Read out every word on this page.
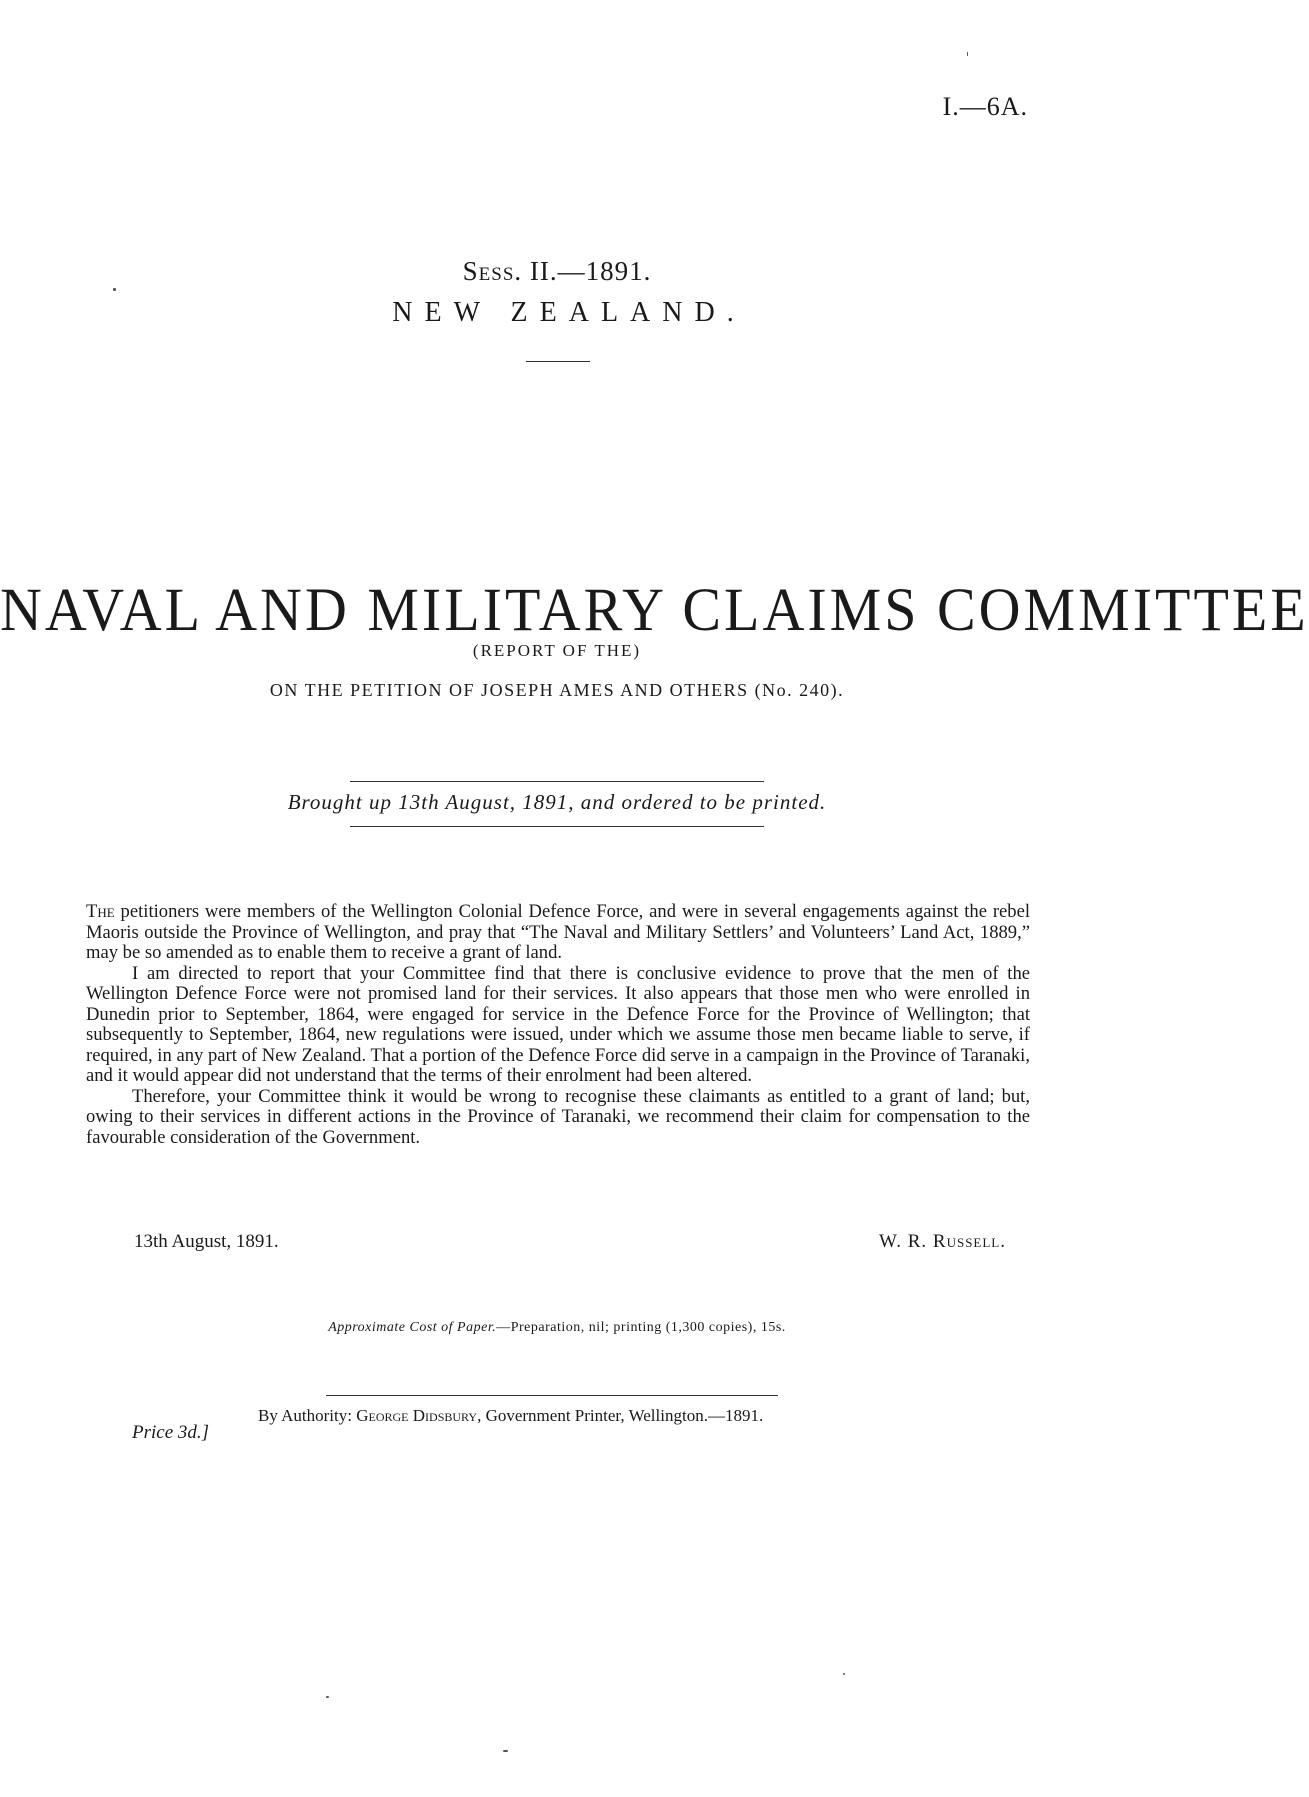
I.—6A.
Sess. II.—1891.
NEW ZEALAND.
NAVAL AND MILITARY CLAIMS COMMITTEE
(REPORT OF THE)
ON THE PETITION OF JOSEPH AMES AND OTHERS (No. 240).
Brought up 13th August, 1891, and ordered to be printed.

The petitioners were members of the Wellington Colonial Defence Force, and were in several engagements against the rebel Maoris outside the Province of Wellington, and pray that “The Naval and Military Settlers’ and Volunteers’ Land Act, 1889,” may be so amended as to enable them to receive a grant of land.

I am directed to report that your Committee find that there is conclusive evidence to prove that the men of the Wellington Defence Force were not promised land for their services. It also appears that those men who were enrolled in Dunedin prior to September, 1864, were engaged for service in the Defence Force for the Province of Wellington; that subsequently to September, 1864, new regulations were issued, under which we assume those men became liable to serve, if required, in any part of New Zealand. That a portion of the Defence Force did serve in a campaign in the Province of Taranaki, and it would appear did not understand that the terms of their enrolment had been altered.

Therefore, your Committee think it would be wrong to recognise these claimants as entitled to a grant of land; but, owing to their services in different actions in the Province of Taranaki, we recommend their claim for compensation to the favourable consideration of the Government.

13th August, 1891.	W. R. Russell.
Approximate Cost of Paper.—Preparation, nil; printing (1,300 copies), 15s.
By Authority: George Didsbury, Government Printer, Wellington.—1891.
Price 3d.]
